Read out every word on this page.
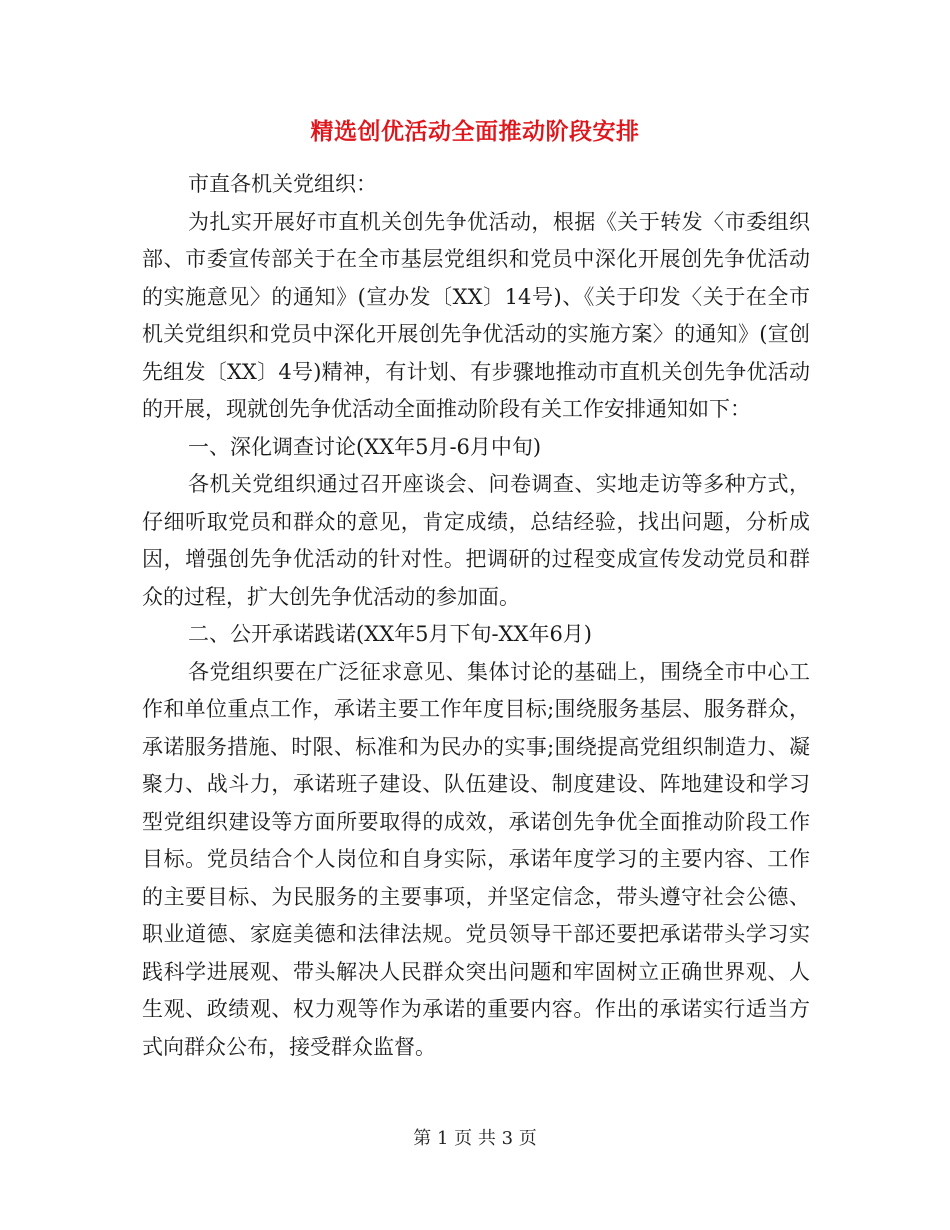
精选创优活动全面推动阶段安排

市直各机关党组织：

为扎实开展好市直机关创先争优活动，根据《关于转发〈市委组织部、市委宣传部关于在全市基层党组织和党员中深化开展创先争优活动的实施意见〉的通知》(宣办发〔XX〕14号)、《关于印发〈关于在全市机关党组织和党员中深化开展创先争优活动的实施方案〉的通知》(宣创先组发〔XX〕4号)精神，有计划、有步骤地推动市直机关创先争优活动的开展，现就创先争优活动全面推动阶段有关工作安排通知如下：

一、深化调查讨论(XX年5月-6月中旬)

各机关党组织通过召开座谈会、问卷调查、实地走访等多种方式，仔细听取党员和群众的意见，肯定成绩，总结经验，找出问题，分析成因，增强创先争优活动的针对性。把调研的过程变成宣传发动党员和群众的过程，扩大创先争优活动的参加面。

二、公开承诺践诺(XX年5月下旬-XX年6月)

各党组织要在广泛征求意见、集体讨论的基础上，围绕全市中心工作和单位重点工作，承诺主要工作年度目标;围绕服务基层、服务群众，承诺服务措施、时限、标准和为民办的实事;围绕提高党组织制造力、凝聚力、战斗力，承诺班子建设、队伍建设、制度建设、阵地建设和学习型党组织建设等方面所要取得的成效，承诺创先争优全面推动阶段工作目标。党员结合个人岗位和自身实际，承诺年度学习的主要内容、工作的主要目标、为民服务的主要事项，并坚定信念，带头遵守社会公德、职业道德、家庭美德和法律法规。党员领导干部还要把承诺带头学习实践科学进展观、带头解决人民群众突出问题和牢固树立正确世界观、人生观、政绩观、权力观等作为承诺的重要内容。作出的承诺实行适当方式向群众公布，接受群众监督。

第 1 页 共 3 页
